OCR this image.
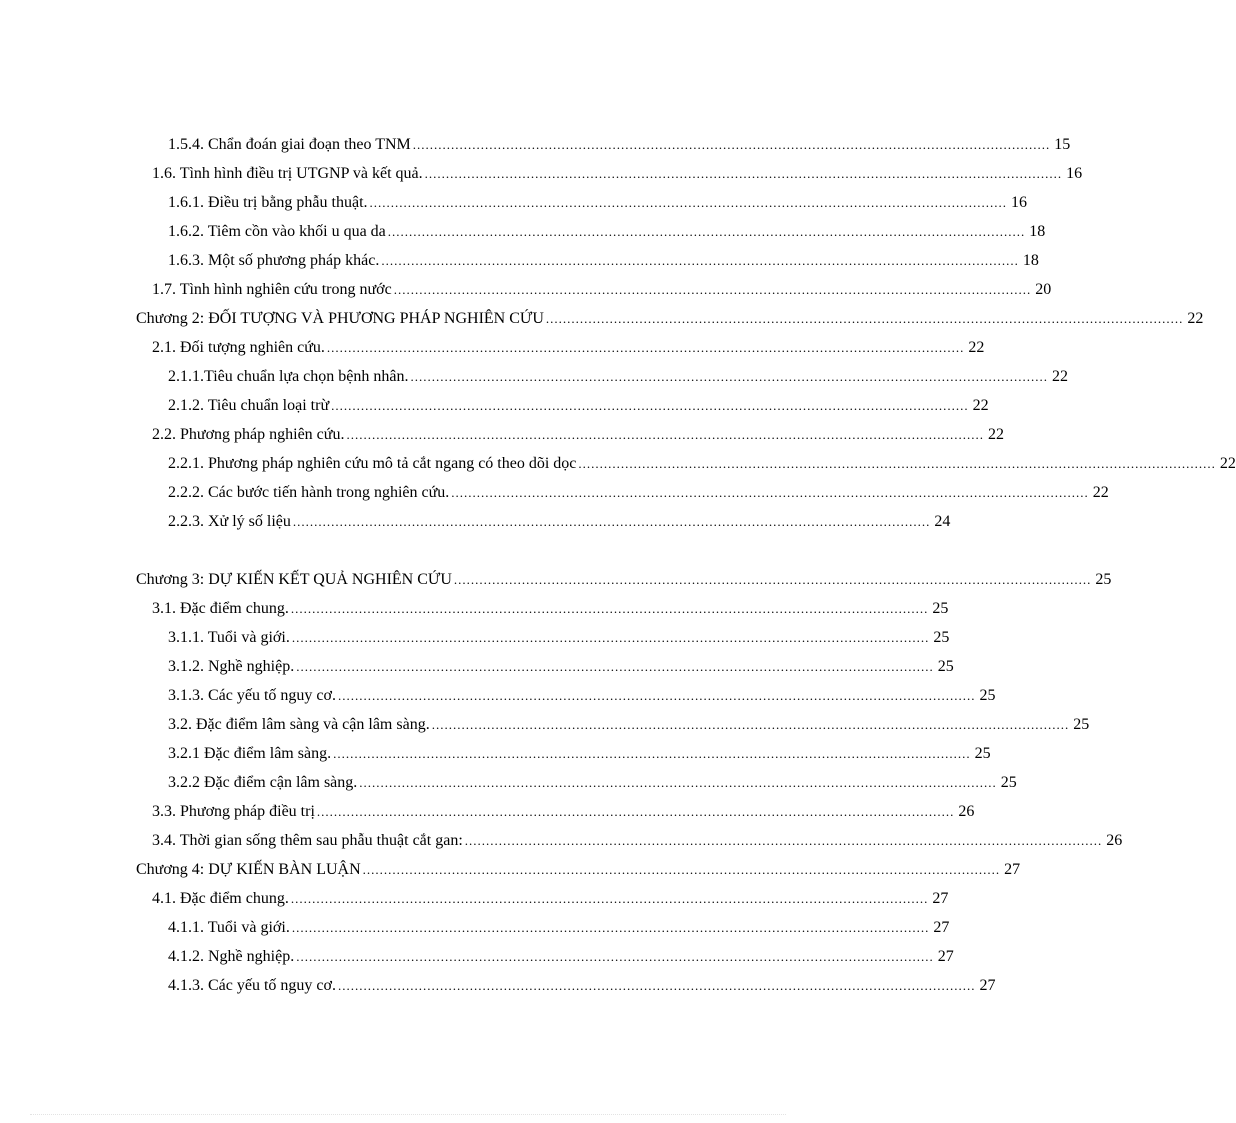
1.5.4. Chẩn đoán giai đoạn theo TNM ...................................................................................................................................................... 15
1.6. Tình hình điều trị UTGNP và kết quả. ...................................................................................................................................................... 16
1.6.1. Điều trị bằng phẫu thuật. ...................................................................................................................................................... 16
1.6.2. Tiêm cồn vào khối u qua da ...................................................................................................................................................... 18
1.6.3. Một số phương pháp khác. ...................................................................................................................................................... 18
1.7. Tình hình nghiên cứu trong nước ...................................................................................................................................................... 20
Chương 2: ĐỐI TƯỢNG VÀ PHƯƠNG PHÁP NGHIÊN CỨU ...................................................................................................................................................... 22
2.1. Đối tượng nghiên cứu. ...................................................................................................................................................... 22
2.1.1.Tiêu chuẩn lựa chọn bệnh nhân. ...................................................................................................................................................... 22
2.1.2. Tiêu chuẩn loại trừ ...................................................................................................................................................... 22
2.2. Phương pháp nghiên cứu. ...................................................................................................................................................... 22
2.2.1. Phương pháp nghiên cứu mô tả cắt ngang có theo dõi dọc ...................................................................................................................................................... 22
2.2.2. Các bước tiến hành trong nghiên cứu. ...................................................................................................................................................... 22
2.2.3. Xử lý số liệu ...................................................................................................................................................... 24
Chương 3: DỰ KIẾN KẾT QUẢ NGHIÊN CỨU ...................................................................................................................................................... 25
3.1. Đặc điểm chung. ...................................................................................................................................................... 25
3.1.1. Tuổi và giới. ...................................................................................................................................................... 25
3.1.2. Nghề nghiệp. ...................................................................................................................................................... 25
3.1.3. Các yếu tố nguy cơ. ...................................................................................................................................................... 25
3.2. Đặc điểm lâm sàng và cận lâm sàng. ...................................................................................................................................................... 25
3.2.1 Đặc điểm lâm sàng. ...................................................................................................................................................... 25
3.2.2 Đặc điểm cận lâm sàng. ...................................................................................................................................................... 25
3.3. Phương pháp điều trị ...................................................................................................................................................... 26
3.4. Thời gian sống thêm sau phẫu thuật cắt gan: ...................................................................................................................................................... 26
Chương 4: DỰ KIẾN BÀN LUẬN ...................................................................................................................................................... 27
4.1. Đặc điểm chung. ...................................................................................................................................................... 27
4.1.1. Tuổi và giới. ...................................................................................................................................................... 27
4.1.2. Nghề nghiệp. ...................................................................................................................................................... 27
4.1.3. Các yếu tố nguy cơ. ...................................................................................................................................................... 27
